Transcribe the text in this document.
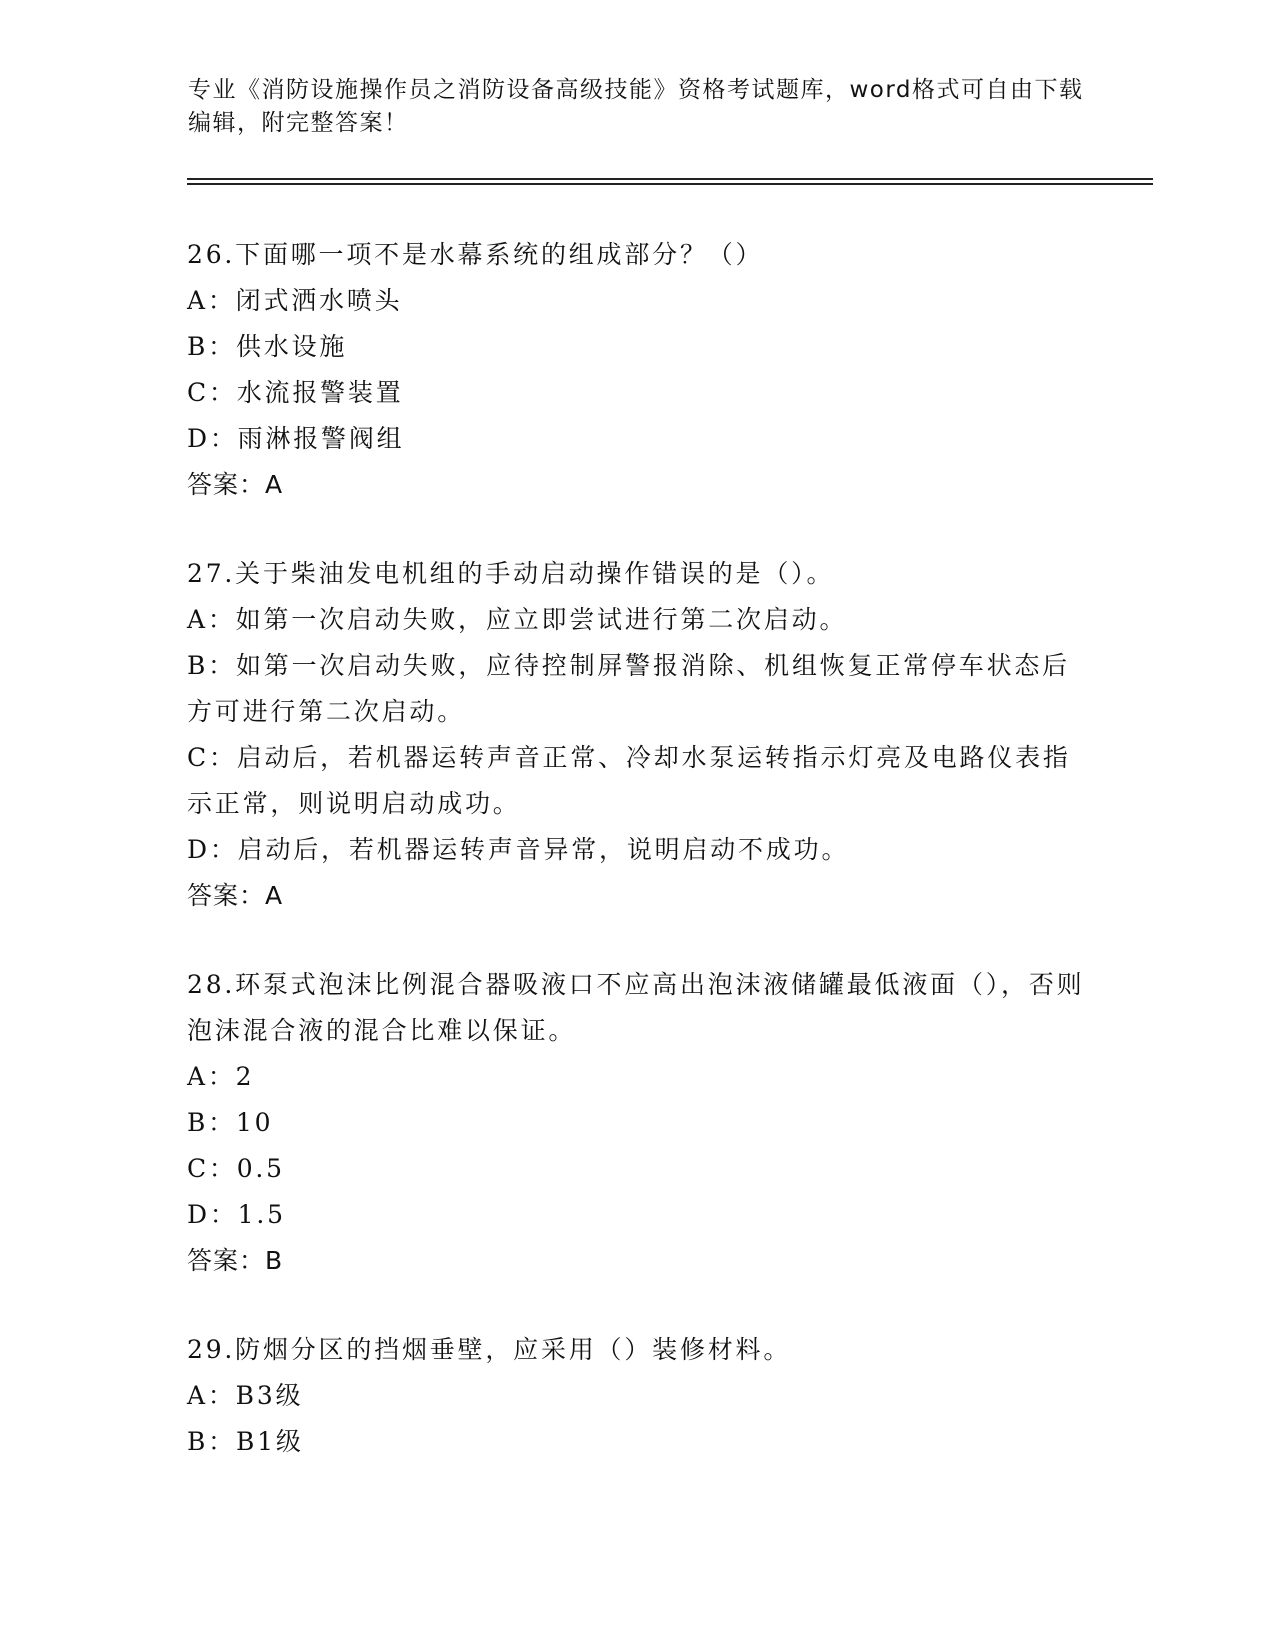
专业《消防设施操作员之消防设备高级技能》资格考试题库，word格式可自由下载编辑，附完整答案！
26.下面哪一项不是水幕系统的组成部分？（）
A：闭式洒水喷头
B：供水设施
C：水流报警装置
D：雨淋报警阀组
答案：A
27.关于柴油发电机组的手动启动操作错误的是（）。
A：如第一次启动失败，应立即尝试进行第二次启动。
B：如第一次启动失败，应待控制屏警报消除、机组恢复正常停车状态后方可进行第二次启动。
C：启动后，若机器运转声音正常、冷却水泵运转指示灯亮及电路仪表指示正常，则说明启动成功。
D：启动后，若机器运转声音异常，说明启动不成功。
答案：A
28.环泵式泡沫比例混合器吸液口不应高出泡沫液储罐最低液面（），否则泡沫混合液的混合比难以保证。
A：2
B：10
C：0.5
D：1.5
答案：B
29.防烟分区的挡烟垂壁，应采用（）装修材料。
A：B3级
B：B1级
